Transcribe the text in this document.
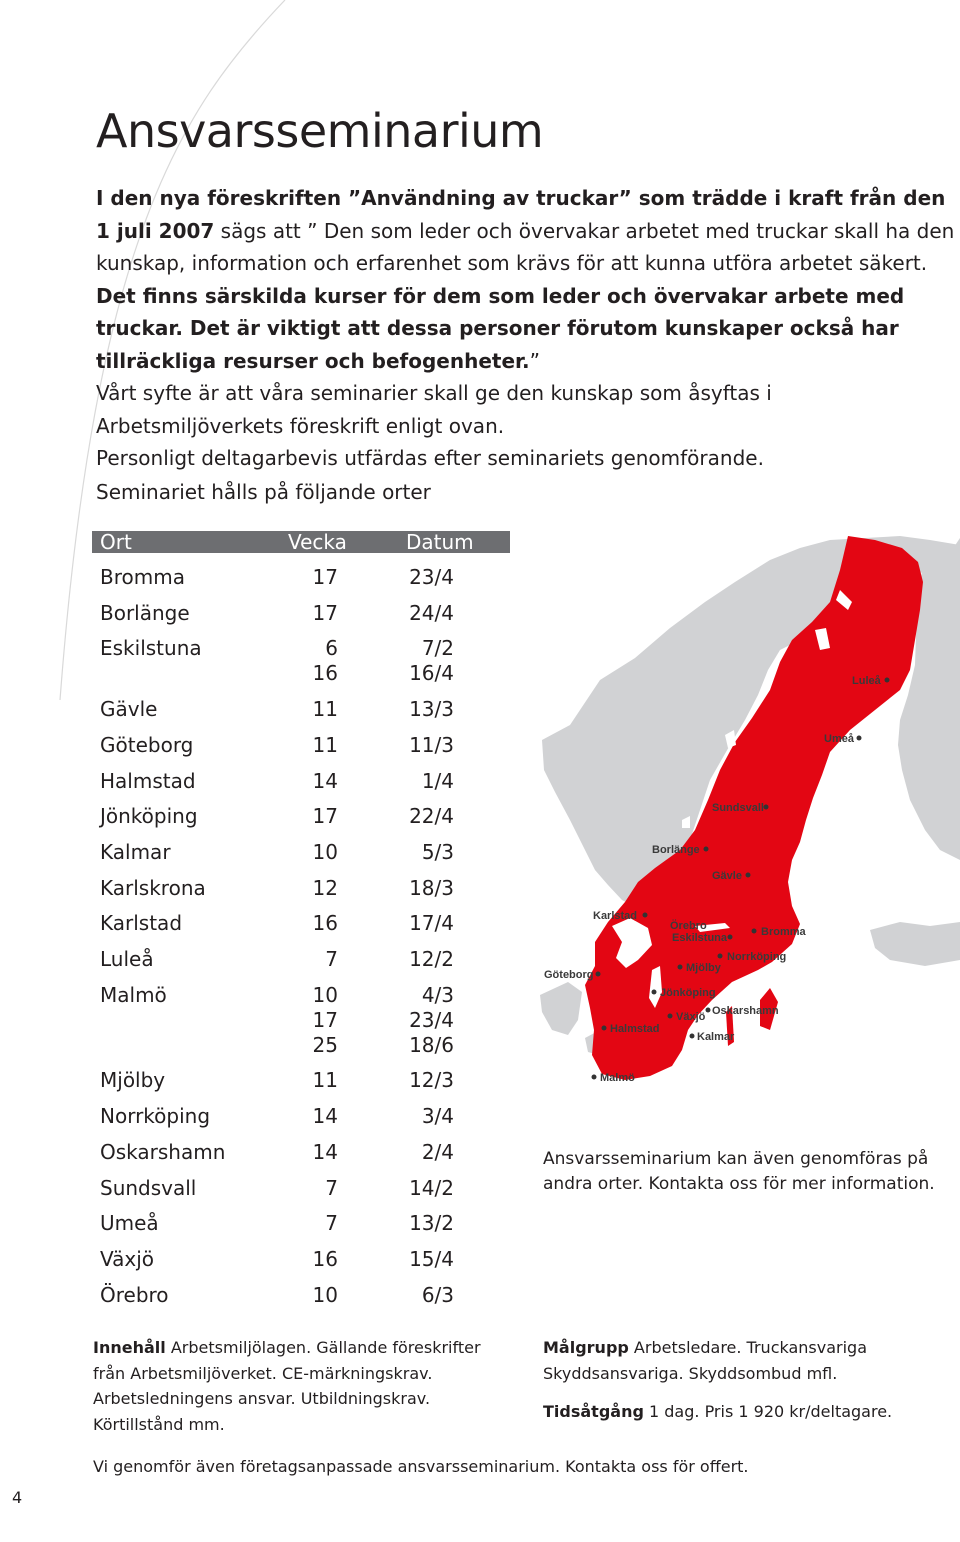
Ansvarsseminarium

I den nya föreskriften ”Användning av truckar” som trädde i kraft från den 1 juli 2007 sägs att ” Den som leder och övervakar arbetet med truckar skall ha den kunskap, information och erfarenhet som krävs för att kunna utföra arbetet säkert.

Det finns särskilda kurser för dem som leder och övervakar arbete med truckar. Det är viktigt att dessa personer förutom kunskaper också har tillräckliga resurser och befogenheter.”

Vårt syfte är att våra seminarier skall ge den kunskap som åsyftas i Arbetsmiljöverkets föreskrift enligt ovan.

Personligt deltagarbevis utfärdas efter seminariets genomförande.

Seminariet hålls på följande orter
Ort	Vecka	Datum
Bromma	17	23/4
Borlänge	17	24/4
Eskilstuna	6	7/2
16	16/4
Gävle	11	13/3
Göteborg	11	11/3
Halmstad	14	1/4
Jönköping	17	22/4
Kalmar	10	5/3
Karlskrona	12	18/3
Karlstad	16	17/4
Luleå	7	12/2
Malmö	10	4/3
17	23/4
25	18/6
Mjölby	11	12/3
Norrköping	14	3/4
Oskarshamn	14	2/4
Sundsvall	7	14/2
Umeå	7	13/2
Växjö	16	15/4
Örebro	10	6/3
Luleå
Umeå
Sundsvall
Borlänge
Gävle
Karlstad
Örebro
Eskilstuna	Bromma
Norrköping
Mjölby
Göteborg
Jönköping
Oskarshamn
Växjö
Halmstad
Kalmar
Malmö
Ansvarsseminarium kan även genomföras på andra orter. Kontakta oss för mer information.
Innehåll Arbetsmiljölagen. Gällande föreskrifter från Arbetsmiljöverket. CE-märkningskrav. Arbetsledningens ansvar. Utbildningskrav. Körtillstånd mm.
Målgrupp Arbetsledare. Truckansvariga Skyddsansvariga. Skyddsombud mfl.
Tidsåtgång 1 dag. Pris 1 920 kr/deltagare.
Vi genomför även företagsanpassade ansvarsseminarium. Kontakta oss för offert.
4
